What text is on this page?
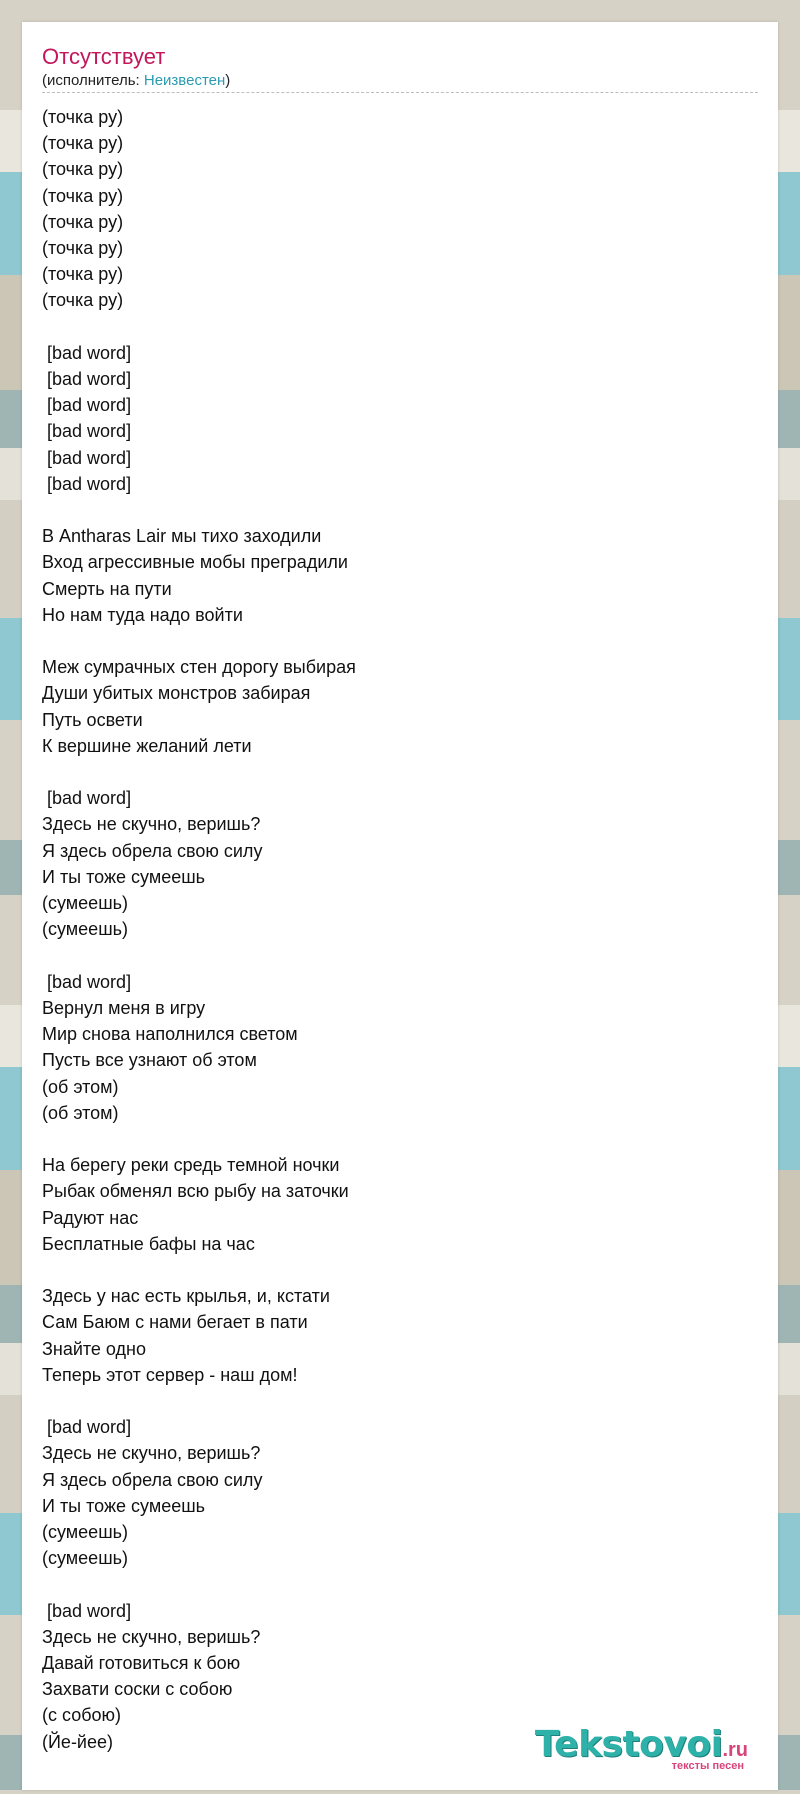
Отсутствует
(исполнитель: Неизвестен)
(точка ру)
(точка ру)
(точка ру)
(точка ру)
(точка ру)
(точка ру)
(точка ру)
(точка ру)

[bad word]
[bad word]
[bad word]
[bad word]
[bad word]
[bad word]

В Antharas Lair мы тихо заходили
Вход агрессивные мобы преградили
Смерть на пути
Но нам туда надо войти

Меж сумрачных стен дорогу выбирая
Души убитых монстров забирая
Путь освети
К вершине желаний лети

[bad word]
Здесь не скучно, веришь?
Я здесь обрела свою силу
И ты тоже сумеешь
(сумеешь)
(сумеешь)

[bad word]
Вернул меня в игру
Мир снова наполнился светом
Пусть все узнают об этом
(об этом)
(об этом)

На берегу реки средь темной ночки
Рыбак обменял всю рыбу на заточки
Радуют нас
Бесплатные бафы на час

Здесь у нас есть крылья, и, кстати
Сам Баюм с нами бегает в пати
Знайте одно
Теперь этот сервер - наш дом!

[bad word]
Здесь не скучно, веришь?
Я здесь обрела свою силу
И ты тоже сумеешь
(сумеешь)
(сумеешь)

[bad word]
Здесь не скучно, веришь?
Давай готовиться к бою
Захвати соски с собою
(с собою)
(Йе-йее)	Tekstovoi.ru
тексты песен
